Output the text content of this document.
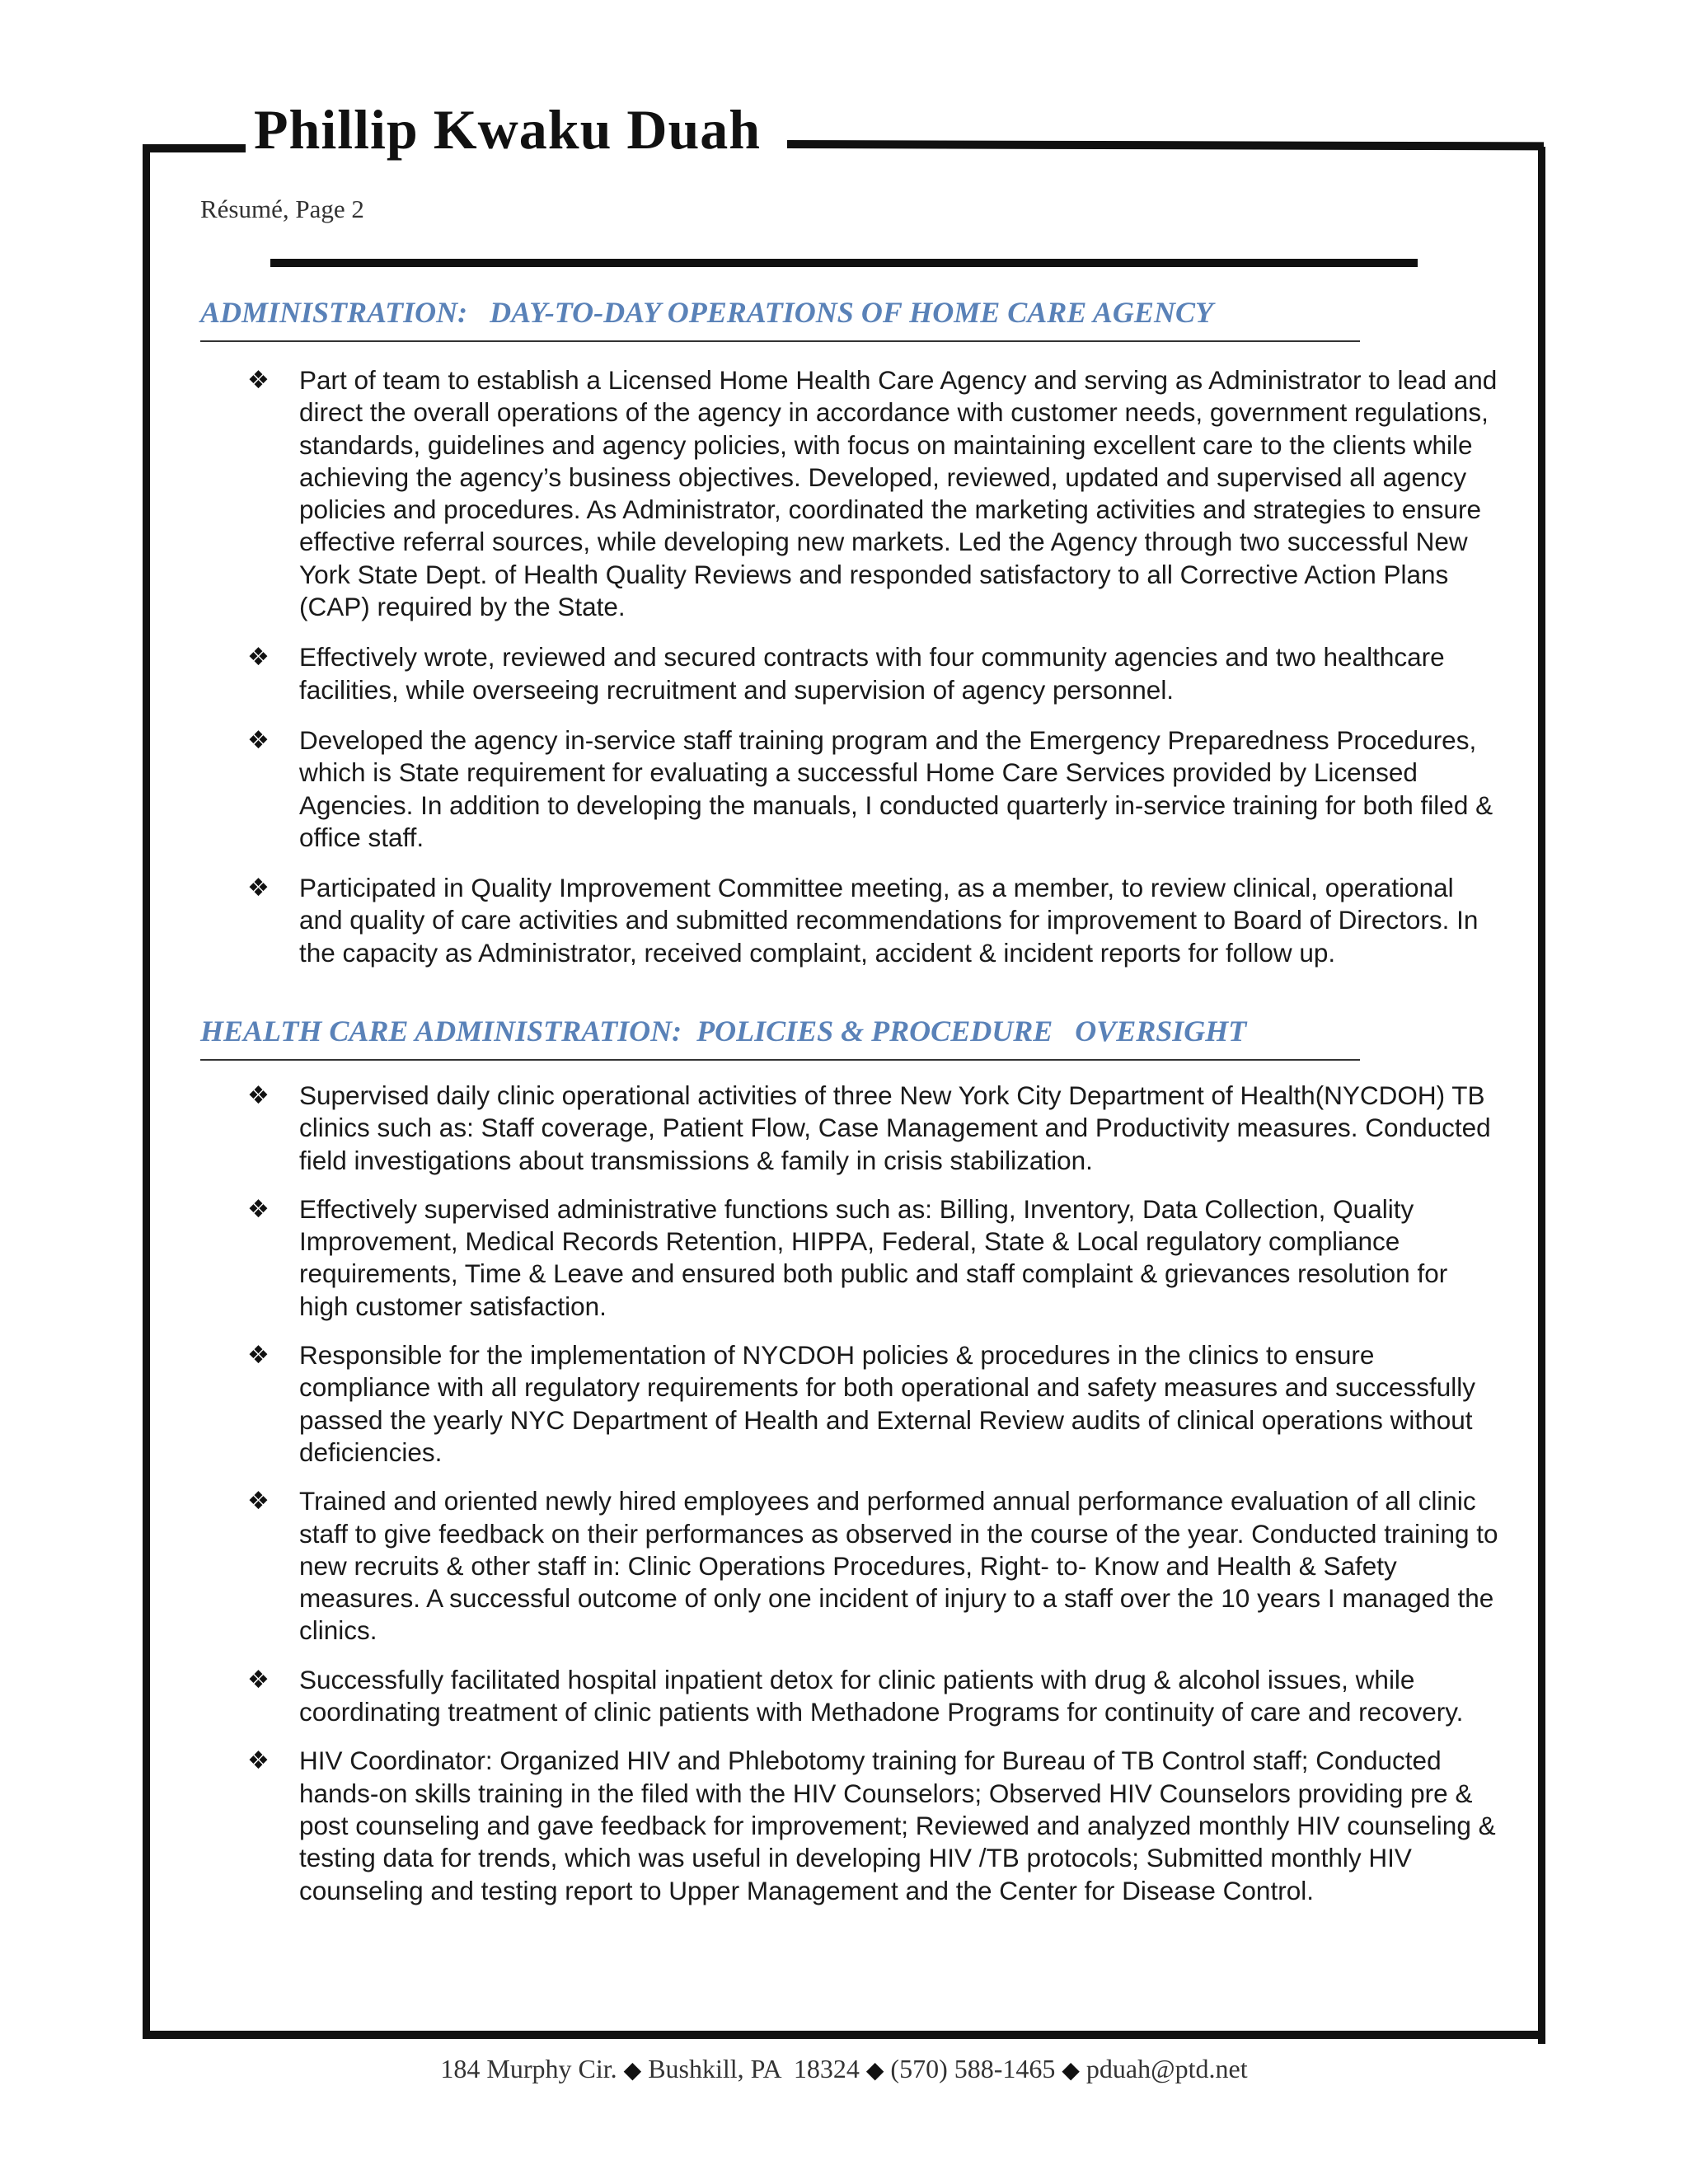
Phillip Kwaku Duah
Résumé, Page 2
ADMINISTRATION:   DAY-TO-DAY OPERATIONS OF HOME CARE AGENCY
❖ Part of team to establish a Licensed Home Health Care Agency and serving as Administrator to lead and direct the overall operations of the agency in accordance with customer needs, government regulations, standards, guidelines and agency policies, with focus on maintaining excellent care to the clients while achieving the agency’s business objectives. Developed, reviewed, updated and supervised all agency policies and procedures. As Administrator, coordinated the marketing activities and strategies to ensure effective referral sources, while developing new markets. Led the Agency through two successful New York State Dept. of Health Quality Reviews and responded satisfactory to all Corrective Action Plans (CAP) required by the State.
❖ Effectively wrote, reviewed and secured contracts with four community agencies and two healthcare facilities, while overseeing recruitment and supervision of agency personnel.
❖ Developed the agency in-service staff training program and the Emergency Preparedness Procedures, which is State requirement for evaluating a successful Home Care Services provided by Licensed Agencies. In addition to developing the manuals, I conducted quarterly in-service training for both filed & office staff.
❖ Participated in Quality Improvement Committee meeting, as a member, to review clinical, operational and quality of care activities and submitted recommendations for improvement to Board of Directors. In the capacity as Administrator, received complaint, accident & incident reports for follow up.
HEALTH CARE ADMINISTRATION:  POLICIES & PROCEDURE   OVERSIGHT
❖ Supervised daily clinic operational activities of three New York City Department of Health(NYCDOH) TB clinics such as: Staff coverage, Patient Flow, Case Management and Productivity measures. Conducted field investigations about transmissions & family in crisis stabilization.
❖ Effectively supervised administrative functions such as: Billing, Inventory, Data Collection, Quality Improvement, Medical Records Retention, HIPPA, Federal, State & Local regulatory compliance requirements, Time & Leave and ensured both public and staff complaint & grievances resolution for high customer satisfaction.
❖ Responsible for the implementation of NYCDOH policies & procedures in the clinics to ensure compliance with all regulatory requirements for both operational and safety measures and successfully passed the yearly NYC Department of Health and External Review audits of clinical operations without deficiencies.
❖ Trained and oriented newly hired employees and performed annual performance evaluation of all clinic staff to give feedback on their performances as observed in the course of the year. Conducted training to new recruits & other staff in: Clinic Operations Procedures, Right- to- Know and Health & Safety measures. A successful outcome of only one incident of injury to a staff over the 10 years I managed the clinics.
❖ Successfully facilitated hospital inpatient detox for clinic patients with drug & alcohol issues, while coordinating treatment of clinic patients with Methadone Programs for continuity of care and recovery.
❖ HIV Coordinator: Organized HIV and Phlebotomy training for Bureau of TB Control staff; Conducted hands-on skills training in the filed with the HIV Counselors; Observed HIV Counselors providing pre & post counseling and gave feedback for improvement; Reviewed and analyzed monthly HIV counseling & testing data for trends, which was useful in developing HIV /TB protocols; Submitted monthly HIV counseling and testing report to Upper Management and the Center for Disease Control.
184 Murphy Cir. ◆ Bushkill, PA  18324 ◆ (570) 588-1465 ◆ pduah@ptd.net
